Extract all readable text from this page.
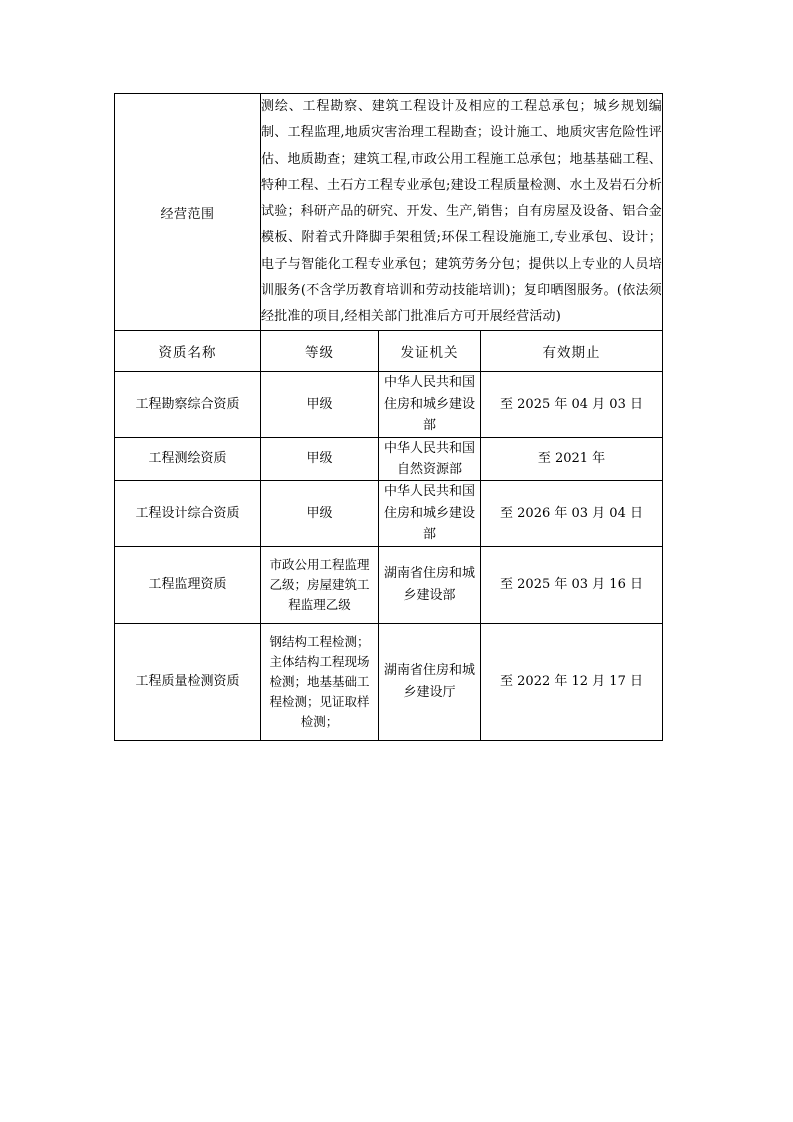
经营范围	测绘、工程勘察、建筑工程设计及相应的工程总承包；城乡规划编制、工程监理,地质灾害治理工程勘查；设计施工、地质灾害危险性评估、地质勘查；建筑工程,市政公用工程施工总承包；地基基础工程、特种工程、土石方工程专业承包;建设工程质量检测、水土及岩石分析试验；科研产品的研究、开发、生产,销售；自有房屋及设备、铝合金模板、附着式升降脚手架租赁;环保工程设施施工,专业承包、设计；电子与智能化工程专业承包；建筑劳务分包；提供以上专业的人员培训服务(不含学历教育培训和劳动技能培训)；复印晒图服务。(依法须经批准的项目,经相关部门批准后方可开展经营活动)		

资质名称	等级	发证机关	有效期止
工程勘察综合资质	甲级	中华人民共和国住房和城乡建设部	至 2025 年 04 月 03 日
工程测绘资质	甲级	中华人民共和国自然资源部	至 2021 年
工程设计综合资质	甲级	中华人民共和国住房和城乡建设部	至 2026 年 03 月 04 日
工程监理资质	市政公用工程监理乙级；房屋建筑工程监理乙级	湖南省住房和城乡建设部	至 2025 年 03 月 16 日
工程质量检测资质	钢结构工程检测；主体结构工程现场检测；地基基础工程检测；见证取样检测；	湖南省住房和城乡建设厅	至 2022 年 12 月 17 日
